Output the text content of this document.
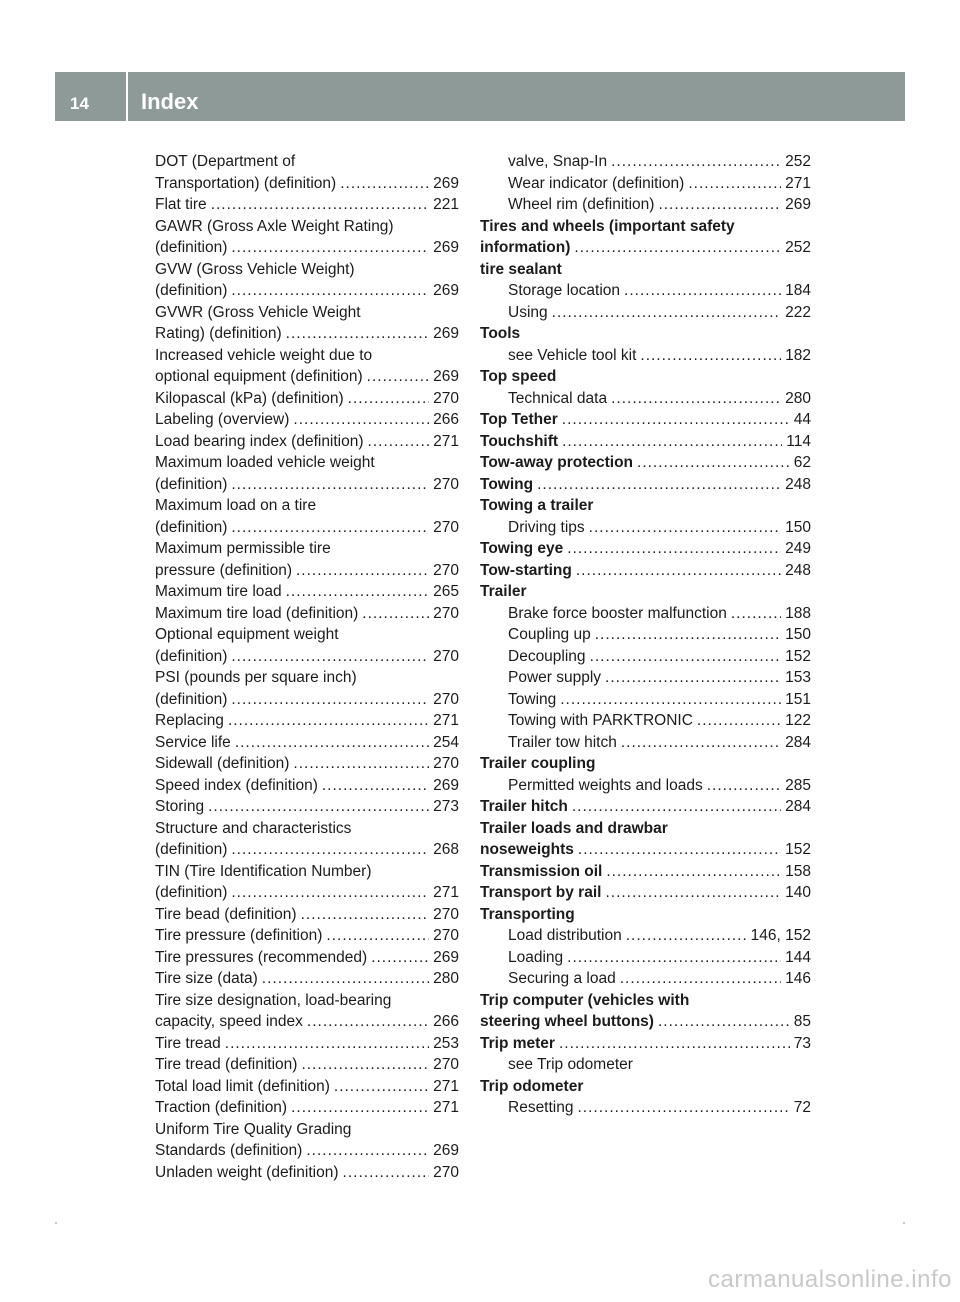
14	Index
DOT (Department of
Transportation) (definition) .....	269
Flat tire .....	221
GAWR (Gross Axle Weight Rating)
(definition) .....	269
GVW (Gross Vehicle Weight)
(definition) .....	269
GVWR (Gross Vehicle Weight
Rating) (definition) .....	269
Increased vehicle weight due to
optional equipment (definition) .....	269
Kilopascal (kPa) (definition) .....	270
Labeling (overview) .....	266
Load bearing index (definition) .....	271
Maximum loaded vehicle weight
(definition) .....	270
Maximum load on a tire
(definition) .....	270
Maximum permissible tire
pressure (definition) .....	270
Maximum tire load .....	265
Maximum tire load (definition) .....	270
Optional equipment weight
(definition) .....	270
PSI (pounds per square inch)
(definition) .....	270
Replacing .....	271
Service life .....	254
Sidewall (definition) .....	270
Speed index (definition) .....	269
Storing .....	273
Structure and characteristics
(definition) .....	268
TIN (Tire Identification Number)
(definition) .....	271
Tire bead (definition) .....	270
Tire pressure (definition) .....	270
Tire pressures (recommended) .....	269
Tire size (data) .....	280
Tire size designation, load-bearing
capacity, speed index .....	266
Tire tread .....	253
Tire tread (definition) .....	270
Total load limit (definition) .....	271
Traction (definition) .....	271
Uniform Tire Quality Grading
Standards (definition) .....	269
Unladen weight (definition) .....	270
valve, Snap-In .....	252
Wear indicator (definition) .....	271
Wheel rim (definition) .....	269
Tires and wheels (important safety
information) .....	252
tire sealant
Storage location .....	184
Using .....	222
Tools
see Vehicle tool kit .....	182
Top speed
Technical data .....	280
Top Tether .....	44
Touchshift .....	114
Tow-away protection .....	62
Towing .....	248
Towing a trailer
Driving tips .....	150
Towing eye .....	249
Tow-starting .....	248
Trailer
Brake force booster malfunction .....	188
Coupling up .....	150
Decoupling .....	152
Power supply .....	153
Towing .....	151
Towing with PARKTRONIC .....	122
Trailer tow hitch .....	284
Trailer coupling
Permitted weights and loads .....	285
Trailer hitch .....	284
Trailer loads and drawbar
noseweights .....	152
Transmission oil .....	158
Transport by rail .....	140
Transporting
Load distribution .....	146, 152
Loading .....	144
Securing a load .....	146
Trip computer (vehicles with
steering wheel buttons) .....	85
Trip meter .....	73
see Trip odometer
Trip odometer
Resetting .....	72
carmanualsonline.info
